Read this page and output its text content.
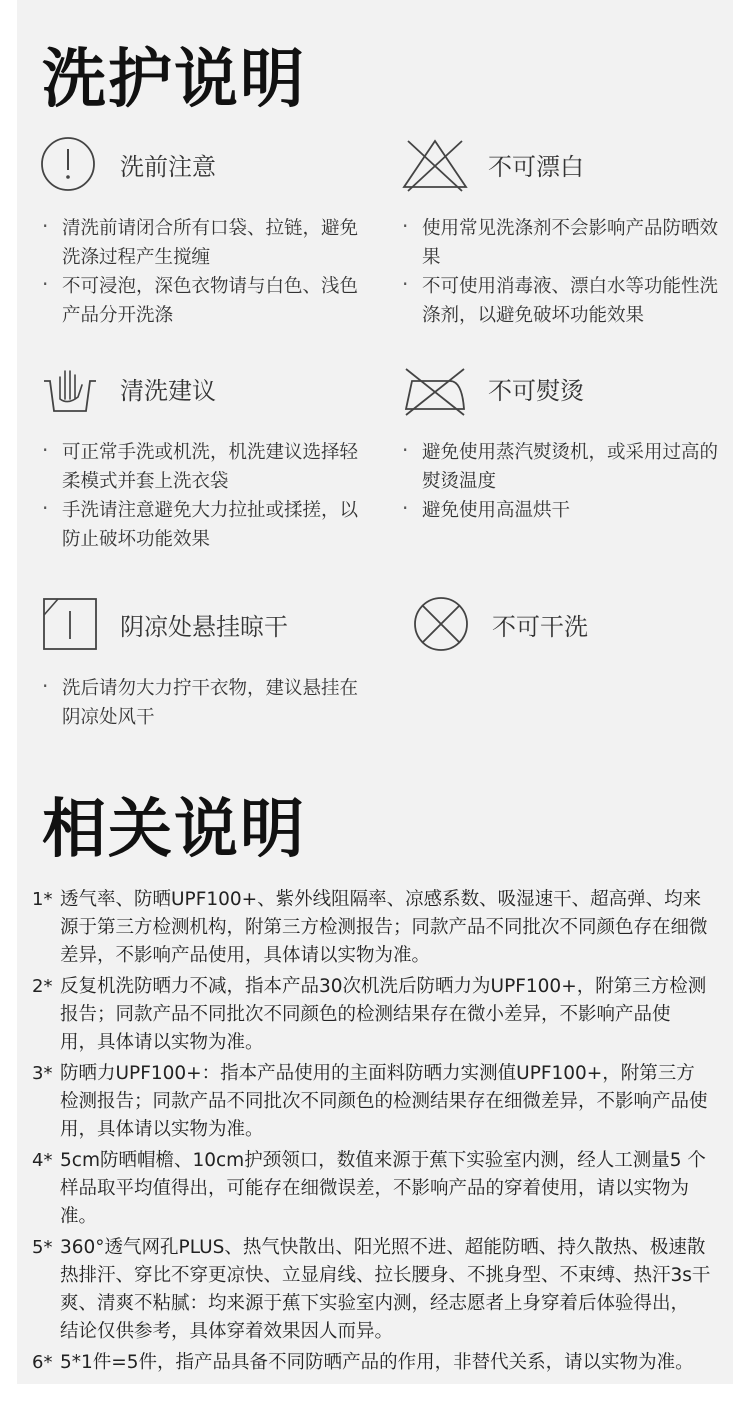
洗护说明
洗前注意
· 清洗前请闭合所有口袋、拉链，避免洗涤过程产生搅缠
· 不可浸泡，深色衣物请与白色、浅色产品分开洗涤
不可漂白
· 使用常见洗涤剂不会影响产品防晒效果
· 不可使用消毒液、漂白水等功能性洗涤剂，以避免破坏功能效果
清洗建议
· 可正常手洗或机洗，机洗建议选择轻柔模式并套上洗衣袋
· 手洗请注意避免大力拉扯或揉搓，以防止破坏功能效果
不可熨烫
· 避免使用蒸汽熨烫机，或采用过高的熨烫温度
· 避免使用高温烘干
阴凉处悬挂晾干
· 洗后请勿大力拧干衣物，建议悬挂在阴凉处风干
不可干洗
相关说明
1* 透气率、防晒UPF100+、紫外线阻隔率、凉感系数、吸湿速干、超高弹、均来源于第三方检测机构，附第三方检测报告；同款产品不同批次不同颜色存在细微差异，不影响产品使用，具体请以实物为准。
2* 反复机洗防晒力不减，指本产品30次机洗后防晒力为UPF100+，附第三方检测报告；同款产品不同批次不同颜色的检测结果存在微小差异，不影响产品使 用，具体请以实物为准。
3* 防晒力UPF100+：指本产品使用的主面料防晒力实测值UPF100+，附第三方检测报告；同款产品不同批次不同颜色的检测结果存在细微差异，不影响产品使用，具体请以实物为准。
4* 5cm防晒帽檐、10cm护颈领口，数值来源于蕉下实验室内测，经人工测量5 个样品取平均值得出，可能存在细微误差，不影响产品的穿着使用，请以实物为准。
5* 360°透气网孔PLUS、热气快散出、阳光照不进、超能防晒、持久散热、极速散热排汗、穿比不穿更凉快、立显肩线、拉长腰身、不挑身型、不束缚、热汗3s干爽、清爽不粘腻：均来源于蕉下实验室内测，经志愿者上身穿着后体验得出， 结论仅供参考，具体穿着效果因人而异。
6* 5*1件=5件，指产品具备不同防晒产品的作用，非替代关系，请以实物为准。
